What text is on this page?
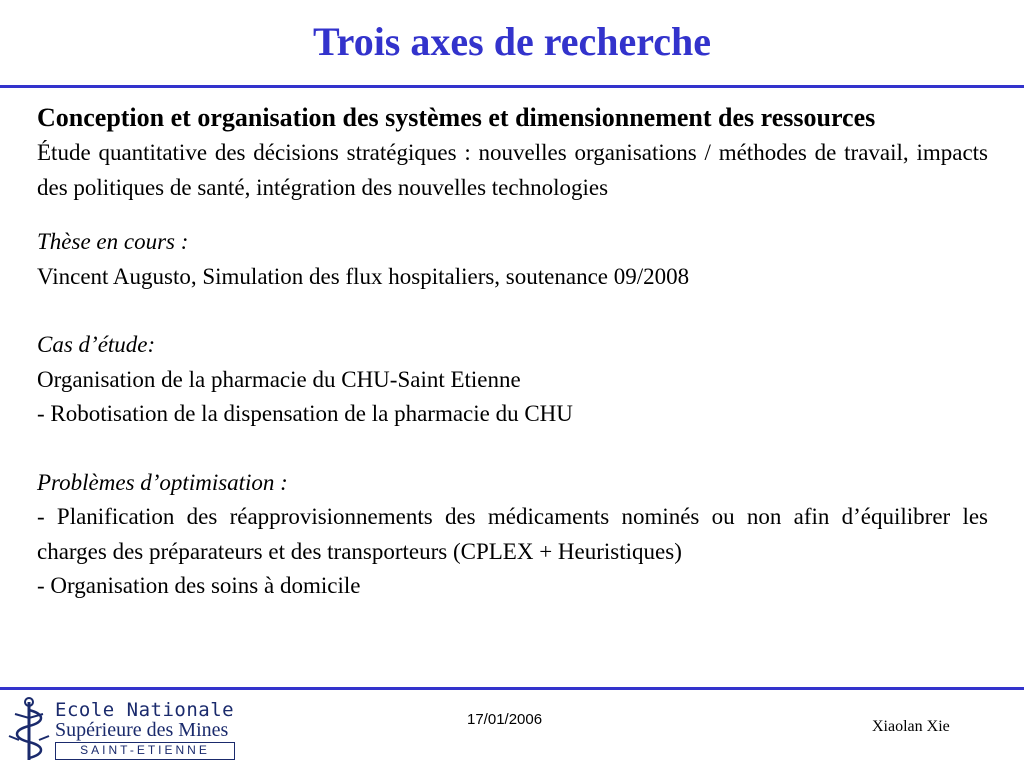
Trois axes de recherche

Conception et organisation des systèmes et dimensionnement des ressources

Étude quantitative des décisions stratégiques : nouvelles organisations / méthodes de travail, impacts des politiques de santé, intégration des nouvelles technologies

Thèse en cours :

Vincent Augusto, Simulation des flux hospitaliers, soutenance 09/2008

Cas d’étude:

Organisation de la pharmacie du CHU-Saint Etienne

- Robotisation de la dispensation de la pharmacie du CHU

Problèmes d’optimisation :

- Planification des réapprovisionnements des médicaments nominés ou non afin d’équilibrer les charges des préparateurs et des transporteurs (CPLEX + Heuristiques)

- Organisation des soins à domicile

Ecole Nationale
Supérieure des Mines
SAINT-ETIENNE
17/01/2006	Xiaolan Xie
